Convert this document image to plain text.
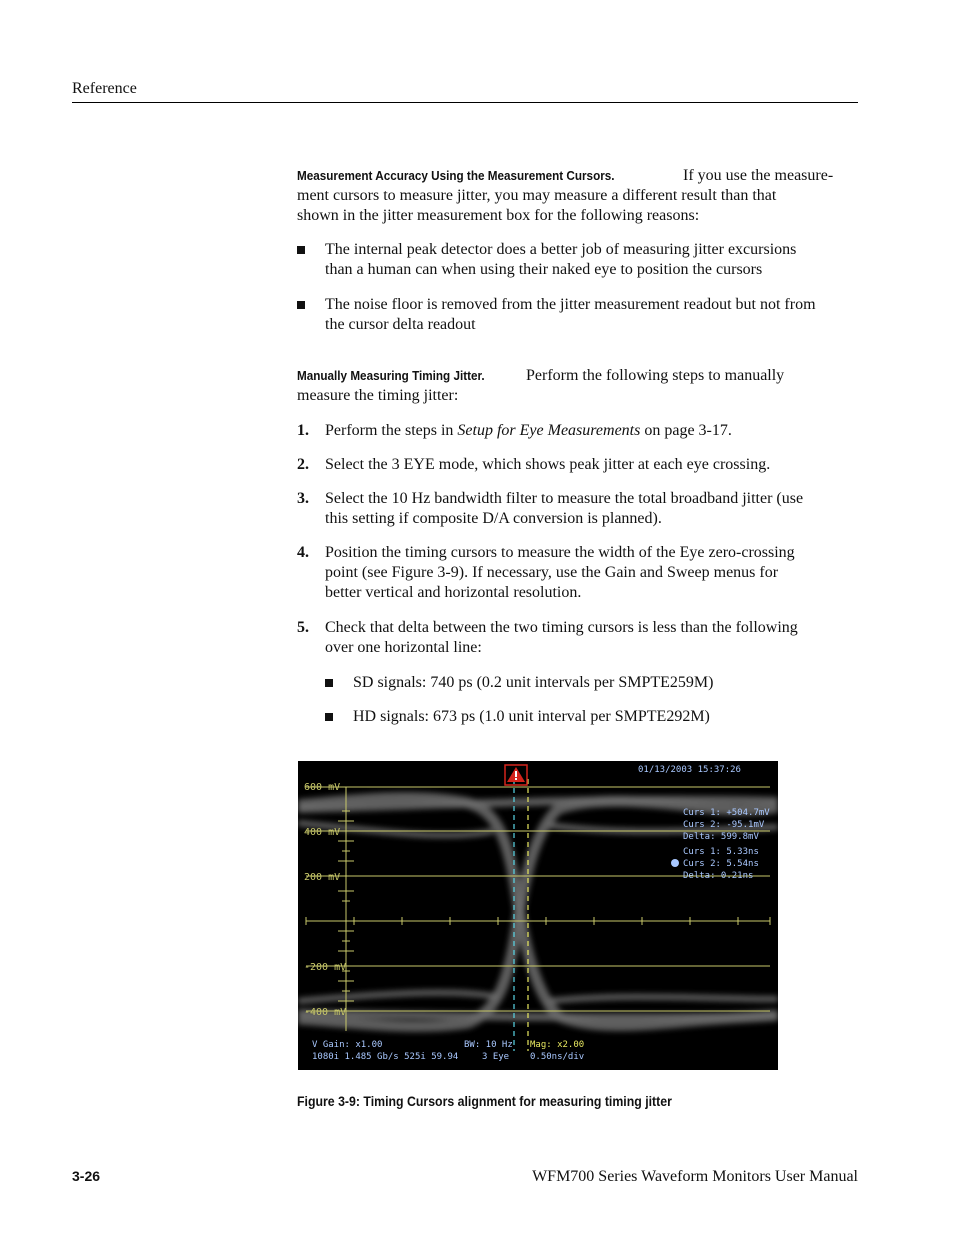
Reference

Measurement Accuracy Using the Measurement Cursors.	If you use the measure-

ment cursors to measure jitter, you may measure a different result than that

shown in the jitter measurement box for the following reasons:

The internal peak detector does a better job of measuring jitter excursions
than a human can when using their naked eye to position the cursors
The noise floor is removed from the jitter measurement readout but not from
the cursor delta readout

Manually Measuring Timing Jitter.	Perform the following steps to manually

measure the timing jitter:

1. Perform the steps in Setup for Eye Measurements on page 3-17.
2. Select the 3 EYE mode, which shows peak jitter at each eye crossing.
3. Select the 10 Hz bandwidth filter to measure the total broadband jitter (use
this setting if composite D/A conversion is planned).
4. Position the timing cursors to measure the width of the Eye zero-crossing
point (see Figure 3-9). If necessary, use the Gain and Sweep menus for
better vertical and horizontal resolution.
5. Check that delta between the two timing cursors is less than the following
over one horizontal line:
SD signals: 740 ps (0.2 unit intervals per SMPTE259M)
HD signals: 673 ps (1.0 unit interval per SMPTE292M)
01/13/2003 15:37:26
600 mV
400 mV
200 mV
-200 mV
-400 mV
Curs 1: +504.7mV
Curs 2: -95.1mV
Delta: 599.8mV
Curs 1: 5.33ns
Curs 2: 5.54ns
Delta: 0.21ns
V Gain: x1.00
1080i 1.485 Gb/s 525i 59.94
BW: 10 Hz
3 Eye
Mag: x2.00
0.50ns/div
Figure 3-9: Timing Cursors alignment for measuring timing jitter
3-26	WFM700 Series Waveform Monitors User Manual
